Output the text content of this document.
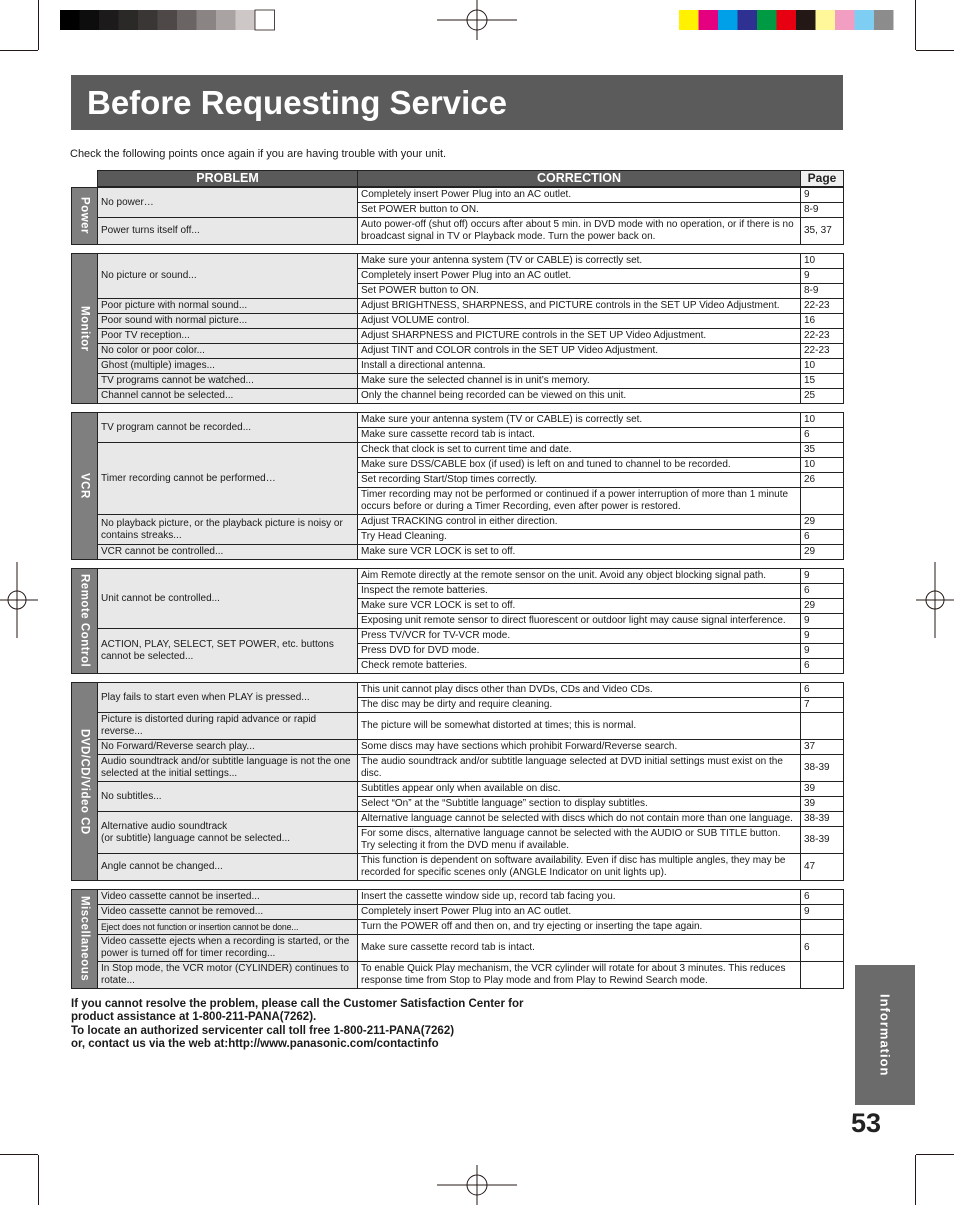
Before Requesting Service
Check the following points once again if you are having trouble with your unit.
PROBLEM	CORRECTION	Page
Power No power…	Completely insert Power Plug into an AC outlet.	9
	Set POWER button to ON.	8-9
Power turns itself off...	Auto power-off (shut off) occurs after about 5 min. in DVD mode with no operation, or if there is no broadcast signal in TV or Playback mode. Turn the power back on.	35, 37
Monitor
No picture or sound...	Make sure your antenna system (TV or CABLE) is correctly set.	10
	Completely insert Power Plug into an AC outlet.	9
	Set POWER button to ON.	8-9
Poor picture with normal sound...	Adjust BRIGHTNESS, SHARPNESS, and PICTURE controls in the SET UP Video Adjustment.	22-23
Poor sound with normal picture...	Adjust VOLUME control.	16
Poor TV reception...	Adjust SHARPNESS and PICTURE controls in the SET UP Video Adjustment.	22-23
No color or poor color...	Adjust TINT and COLOR controls in the SET UP Video Adjustment.	22-23
Ghost (multiple) images...	Install a directional antenna.	10
TV programs cannot be watched...	Make sure the selected channel is in unit’s memory.	15
Channel cannot be selected...	Only the channel being recorded can be viewed on this unit.	25
VCR
TV program cannot be recorded...	Make sure your antenna system (TV or CABLE) is correctly set.	10
	Make sure cassette record tab is intact.	6
Timer recording cannot be performed…	Check that clock is set to current time and date.	35
	Make sure DSS/CABLE box (if used) is left on and tuned to channel to be recorded.	10
	Set recording Start/Stop times correctly.	26
	Timer recording may not be performed or continued if a power interruption of more than 1 minute occurs before or during a Timer Recording, even after power is restored.	
No playback picture, or the playback picture is noisy or contains streaks...	Adjust TRACKING control in either direction.	29
	Try Head Cleaning.	6
VCR cannot be controlled...	Make sure VCR LOCK is set to off.	29
Remote Control Unit cannot be controlled...	Aim Remote directly at the remote sensor on the unit. Avoid any object blocking signal path.	9
	Inspect the remote batteries.	6
	Make sure VCR LOCK is set to off.	29
	Exposing unit remote sensor to direct fluorescent or outdoor light may cause signal interference.	9
ACTION, PLAY, SELECT, SET POWER, etc. buttons cannot be selected...	Press TV/VCR for TV-VCR mode.	9
	Press DVD for DVD mode.	9
	Check remote batteries.	6
DVD/CD/Video CD
Play fails to start even when PLAY is pressed...	This unit cannot play discs other than DVDs, CDs and Video CDs.	6
	The disc may be dirty and require cleaning.	7
Picture is distorted during rapid advance or rapid reverse...	The picture will be somewhat distorted at times; this is normal.	
No Forward/Reverse search play...	Some discs may have sections which prohibit Forward/Reverse search.	37
Audio soundtrack and/or subtitle language is not the one selected at the initial settings...	The audio soundtrack and/or subtitle language selected at DVD initial settings must exist on the disc.	38-39
No subtitles...	Subtitles appear only when available on disc.	39
	Select “On” at the “Subtitle language” section to display subtitles.	39
Alternative audio soundtrack
(or subtitle) language cannot be selected...	Alternative language cannot be selected with discs which do not contain more than one language.	38-39
	For some discs, alternative language cannot be selected with the AUDIO or SUB TITLE button. Try selecting it from the DVD menu if available.	38-39
Angle cannot be changed...	This function is dependent on software availability. Even if disc has multiple angles, they may be recorded for specific scenes only (ANGLE Indicator on unit lights up).	47
Miscellaneous Video cassette cannot be inserted...	Insert the cassette window side up, record tab facing you.	6
Video cassette cannot be removed...	Completely insert Power Plug into an AC outlet.	9
Eject does not function or insertion cannot be done...	Turn the POWER off and then on, and try ejecting or inserting the tape again.	
Video cassette ejects when a recording is started, or the power is turned off for timer recording...	Make sure cassette record tab is intact.	6
In Stop mode, the VCR motor (CYLINDER) continues to rotate...	To enable Quick Play mechanism, the VCR cylinder will rotate for about 3 minutes. This reduces response time from Stop to Play mode and from Play to Rewind Search mode.	
If you cannot resolve the problem, please call the Customer Satisfaction Center for
product assistance at 1-800-211-PANA(7262).
To locate an authorized servicenter call toll free 1-800-211-PANA(7262)
or, contact us via the web at:http://www.panasonic.com/contactinfo	Information
53
